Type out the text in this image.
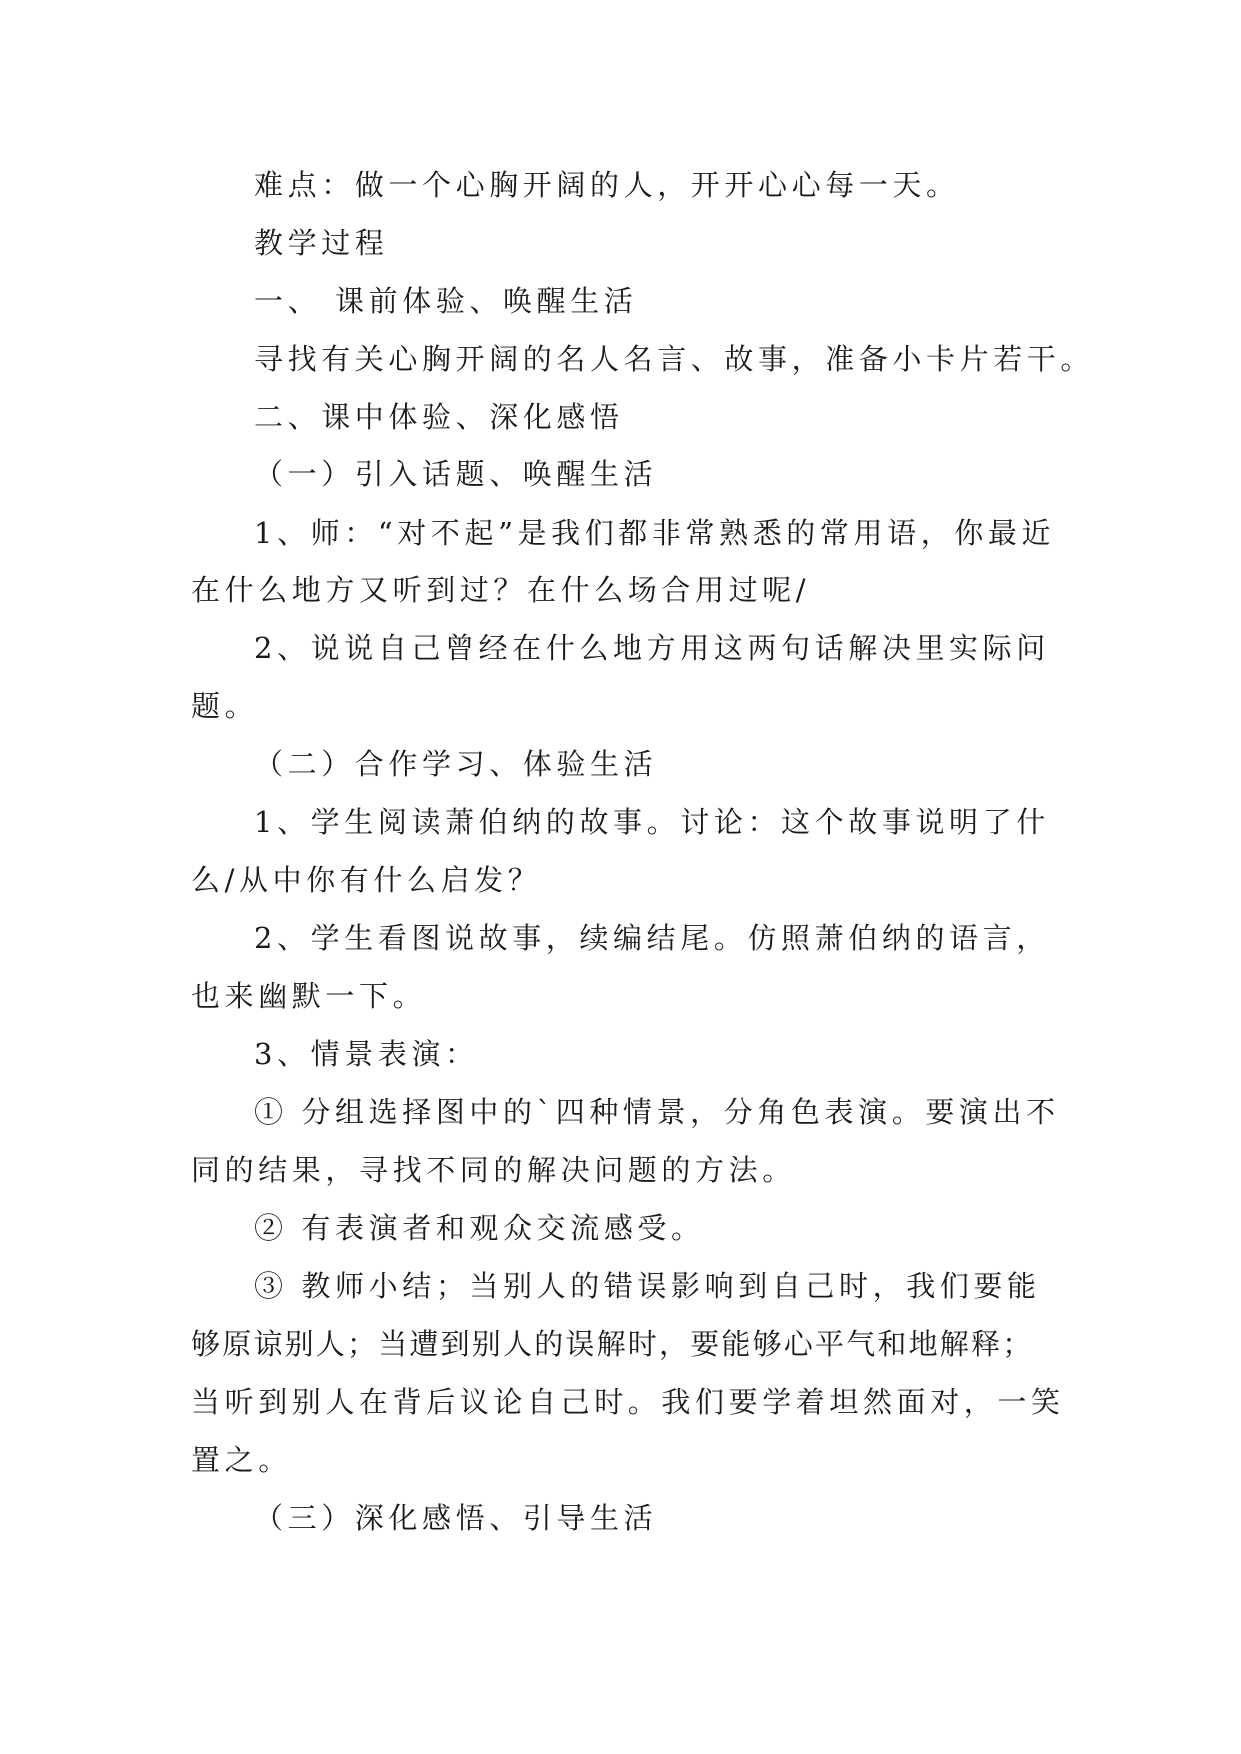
难点：做一个心胸开阔的人，开开心心每一天。
教学过程
一、 课前体验、唤醒生活
寻找有关心胸开阔的名人名言、故事，准备小卡片若干。
二、课中体验、深化感悟
（一）引入话题、唤醒生活
1、师：“对不起”是我们都非常熟悉的常用语，你最近
在什么地方又听到过？在什么场合用过呢/
2、说说自己曾经在什么地方用这两句话解决里实际问
题。
（二）合作学习、体验生活
1、学生阅读萧伯纳的故事。讨论：这个故事说明了什
么/从中你有什么启发？
2、学生看图说故事，续编结尾。仿照萧伯纳的语言，
也来幽默一下。
3、情景表演：
① 分组选择图中的`四种情景，分角色表演。要演出不
同的结果，寻找不同的解决问题的方法。
② 有表演者和观众交流感受。
③ 教师小结；当别人的错误影响到自己时，我们要能
够原谅别人；当遭到别人的误解时，要能够心平气和地解释；
当听到别人在背后议论自己时。我们要学着坦然面对，一笑
置之。
（三）深化感悟、引导生活
